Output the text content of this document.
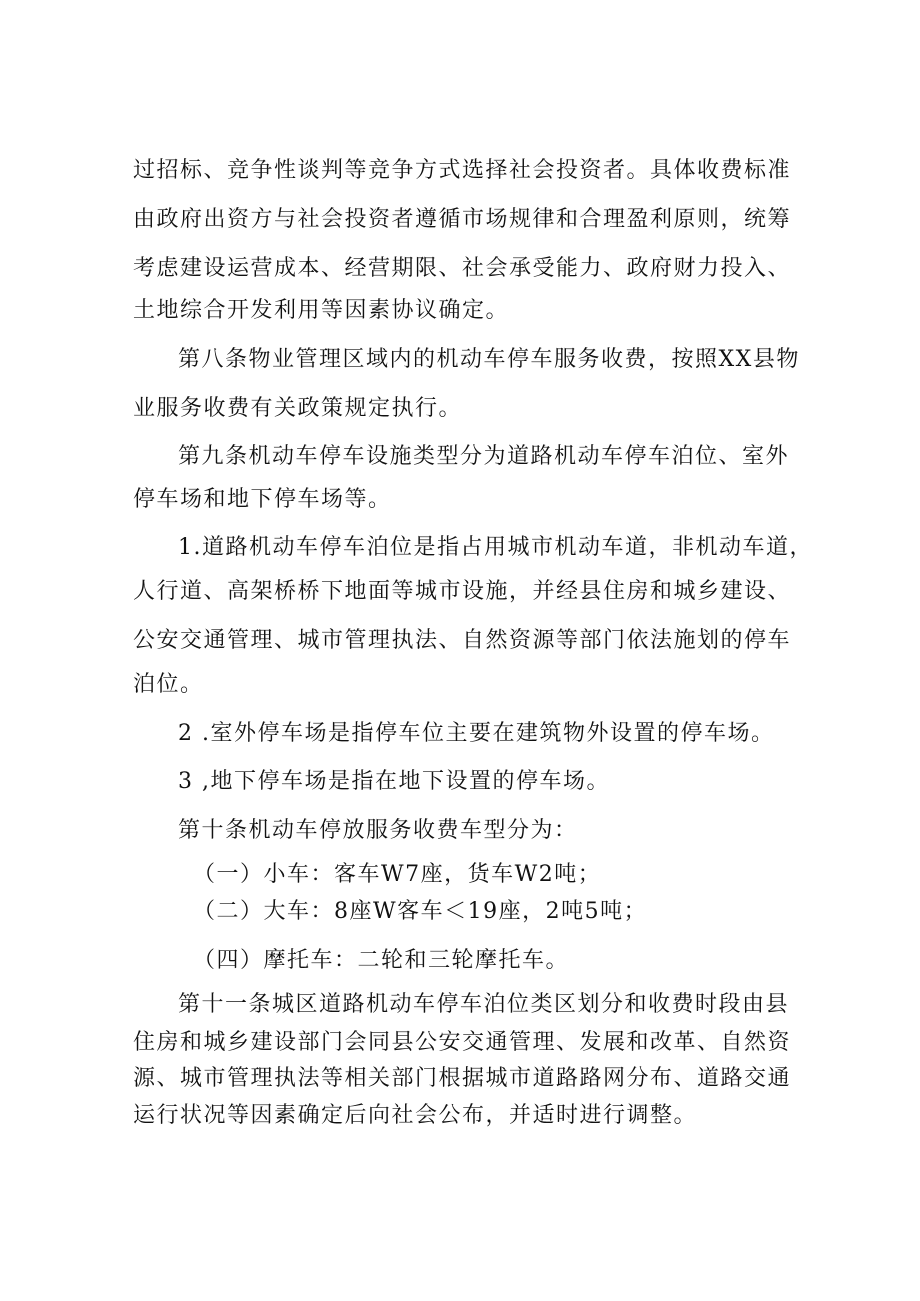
过招标、竞争性谈判等竞争方式选择社会投资者。具体收费标准
由政府出资方与社会投资者遵循市场规律和合理盈利原则，统筹
考虑建设运营成本、经营期限、社会承受能力、政府财力投入、
土地综合开发利用等因素协议确定。
第八条物业管理区域内的机动车停车服务收费，按照XX县物
业服务收费有关政策规定执行。
第九条机动车停车设施类型分为道路机动车停车泊位、室外
停车场和地下停车场等。
1.道路机动车停车泊位是指占用城市机动车道，非机动车道，
人行道、高架桥桥下地面等城市设施，并经县住房和城乡建设、
公安交通管理、城市管理执法、自然资源等部门依法施划的停车
泊位。
2 .室外停车场是指停车位主要在建筑物外设置的停车场。
3 ,地下停车场是指在地下设置的停车场。
第十条机动车停放服务收费车型分为：
（一）小车：客车W7座，货车W2吨；
（二）大车：8座W客车＜19座，2吨5吨；
（四）摩托车：二轮和三轮摩托车。
第十一条城区道路机动车停车泊位类区划分和收费时段由县
住房和城乡建设部门会同县公安交通管理、发展和改革、自然资
源、城市管理执法等相关部门根据城市道路路网分布、道路交通
运行状况等因素确定后向社会公布，并适时进行调整。
